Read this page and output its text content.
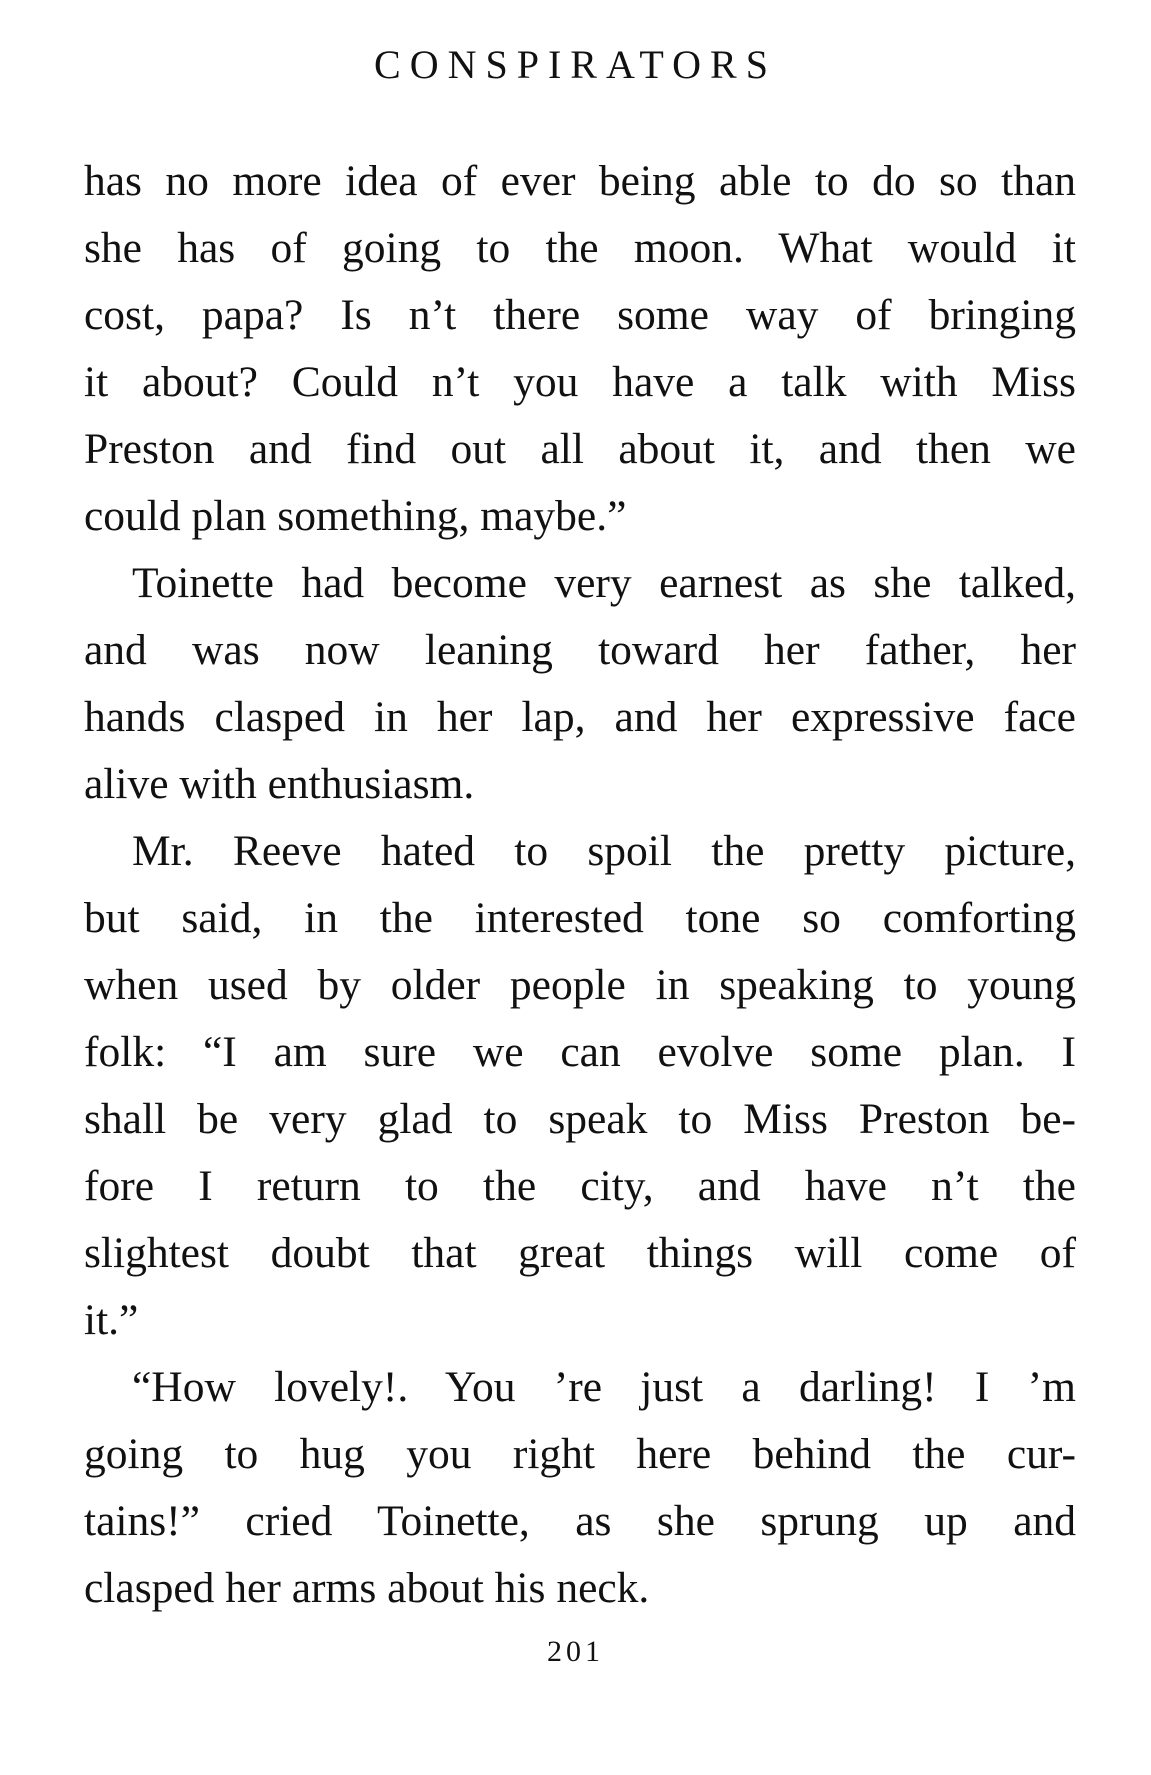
CONSPIRATORS
has no more idea of ever being able to do so than
she has of going to the moon. What would it
cost, papa? Is n’t there some way of bringing
it about? Could n’t you have a talk with Miss
Preston and find out all about it, and then we
could plan something, maybe.”
Toinette had become very earnest as she talked,
and was now leaning toward her father, her
hands clasped in her lap, and her expressive face
alive with enthusiasm.
Mr. Reeve hated to spoil the pretty picture,
but said, in the interested tone so comforting
when used by older people in speaking to young
folk: “I am sure we can evolve some plan. I
shall be very glad to speak to Miss Preston be-
fore I return to the city, and have n’t the
slightest doubt that great things will come of
it.”
“How lovely!. You ’re just a darling! I ’m
going to hug you right here behind the cur-
tains!” cried Toinette, as she sprung up and
clasped her arms about his neck.
201
